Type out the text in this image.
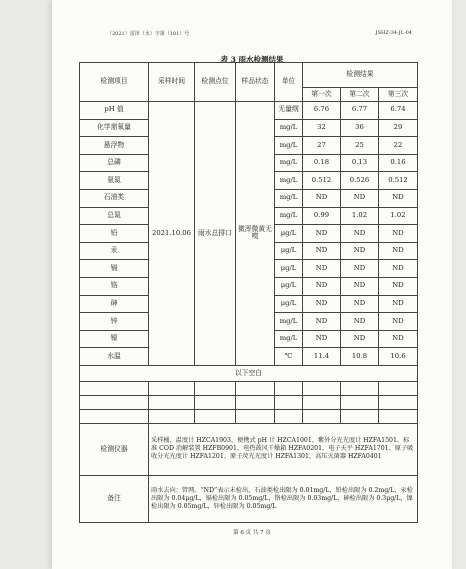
（2021）雷泽（水）字第（181）号	JSHZ-34-JL-04
表 3 雨水检测结果
检测项目	采样时间	检测点位	样品状态	单位	检测结果		
					第一次	第二次	第三次
pH 值	2021.10.06	雨水总排口	微浑微黄无嗅	无量纲	6.76	6.77	6.74
化学需氧量				mg/L	32	36	29
悬浮物				mg/L	27	25	22
总磷				mg/L	0.18	0.13	0.16
氨氮				mg/L	0.512	0.526	0.512
石油类				mg/L	ND	ND	ND
总氮				mg/L	0.99	1.02	1.02
铅				μg/L	ND	ND	ND
汞				μg/L	ND	ND	ND
镉				μg/L	ND	ND	ND
铬				μg/L	ND	ND	ND
砷				μg/L	ND	ND	ND
锌				mg/L	ND	ND	ND
镍				mg/L	ND	ND	ND
水温				℃	11.4	10.8	10.6
以下空白							

检测仪器	采样桶、温度计 HZCA1903、便携式 pH 计 HZCA1001、紫外分光光度计 HZFA1501、标准 COD 消解装置 HZFB0901、电热鼓风干燥箱 HZFA0201、电子天平 HZFA1701、原子吸收分光光度计 HZFA1201、原子荧光光度计 HZFA1301、高压灭菌器 HZFA0401						
备注	雨水去向：管网。“ND”表示未检出，石油类检出限为 0.01mg/L，铅检出限为 0.2mg/L，汞检出限为 0.04μg/L，镉检出限为 0.05mg/L，铬检出限为 0.03mg/L，砷检出限为 0.3μg/L，镍检出限为 0.05mg/L，锌检出限为 0.05mg/L						
第 6 页 共 7 页
